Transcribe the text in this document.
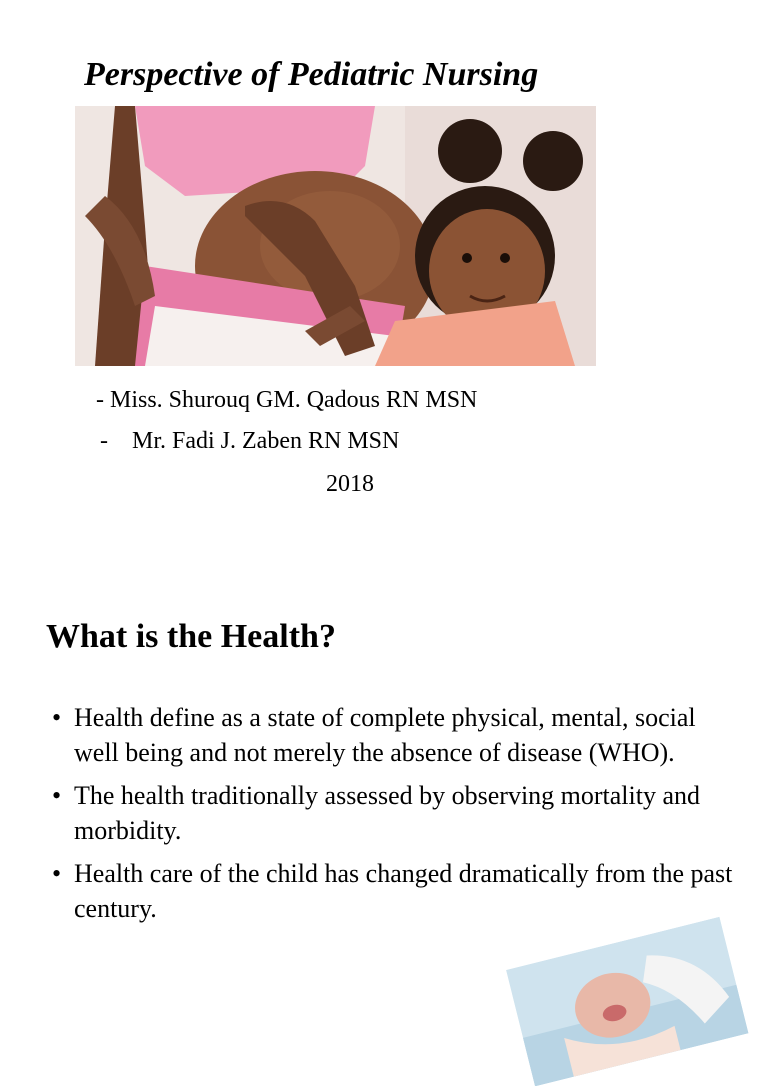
Perspective of Pediatric Nursing
- Miss. Shurouq GM. Qadous RN MSN
- Mr. Fadi J. Zaben RN MSN
2018
What is the Health?
• Health define as a state of complete physical, mental, social well being and not merely the absence of disease (WHO).
• The health traditionally assessed by observing mortality and morbidity.
• Health care of the child has changed dramatically from the past century.
